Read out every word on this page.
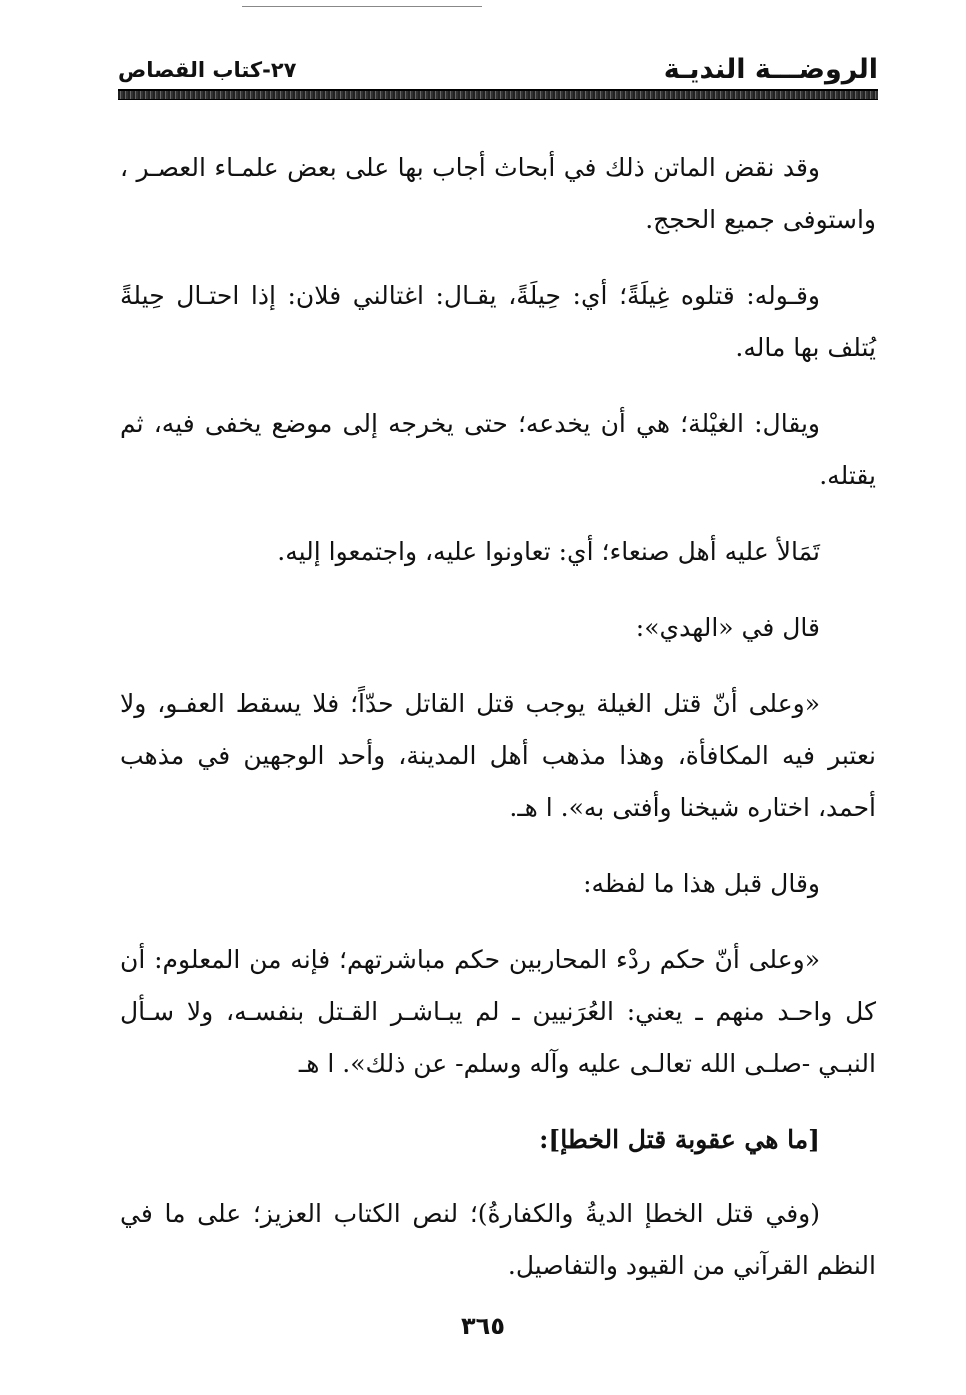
الروضـــة النديـة
٢٧-كتاب القصاص

وقد نقض الماتن ذلك في أبحاث أجاب بها على بعض علمـاء العصـر ، واستوفى جميع الحجج.

وقـوله: قتلوه غِيلَةً؛ أي: حِيلَةً، يقـال: اغتالني فلان: إذا احتـال حِيلةً يُتلف بها ماله.

ويقال: الغيْلة؛ هي أن يخدعه؛ حتى يخرجه إلى موضع يخفى فيه، ثم يقتله.

تَمَالأ عليه أهل صنعاء؛ أي: تعاونوا عليه، واجتمعوا إليه.

قال في «الهدي»:

«وعلى أنّ قتل الغيلة يوجب قتل القاتل حدّاً؛ فلا يسقط العفـو، ولا نعتبر فيه المكافأة، وهذا مذهب أهل المدينة، وأحد الوجهين في مذهب أحمد، اختاره شيخنا وأفتى به». ا هـ.

وقال قبل هذا ما لفظه:

«وعلى أنّ حكم ردْء المحاربين حكم مباشرتهم؛ فإنه من المعلوم: أن كل واحـد منهم ـ يعني: العُرَنيين ـ لم يبـاشـر القـتل بنفسـه، ولا سـأل النبـي -صلـى الله تعالـى عليه وآله وسلم- عن ذلك». ا هـ

[ما هي عقوبة قتل الخطإ]:

(وفي قتل الخطإ الديةُ والكفارةُ)؛ لنص الكتاب العزيز؛ على ما في النظم القرآني من القيود والتفاصيل.

٣٦٥
